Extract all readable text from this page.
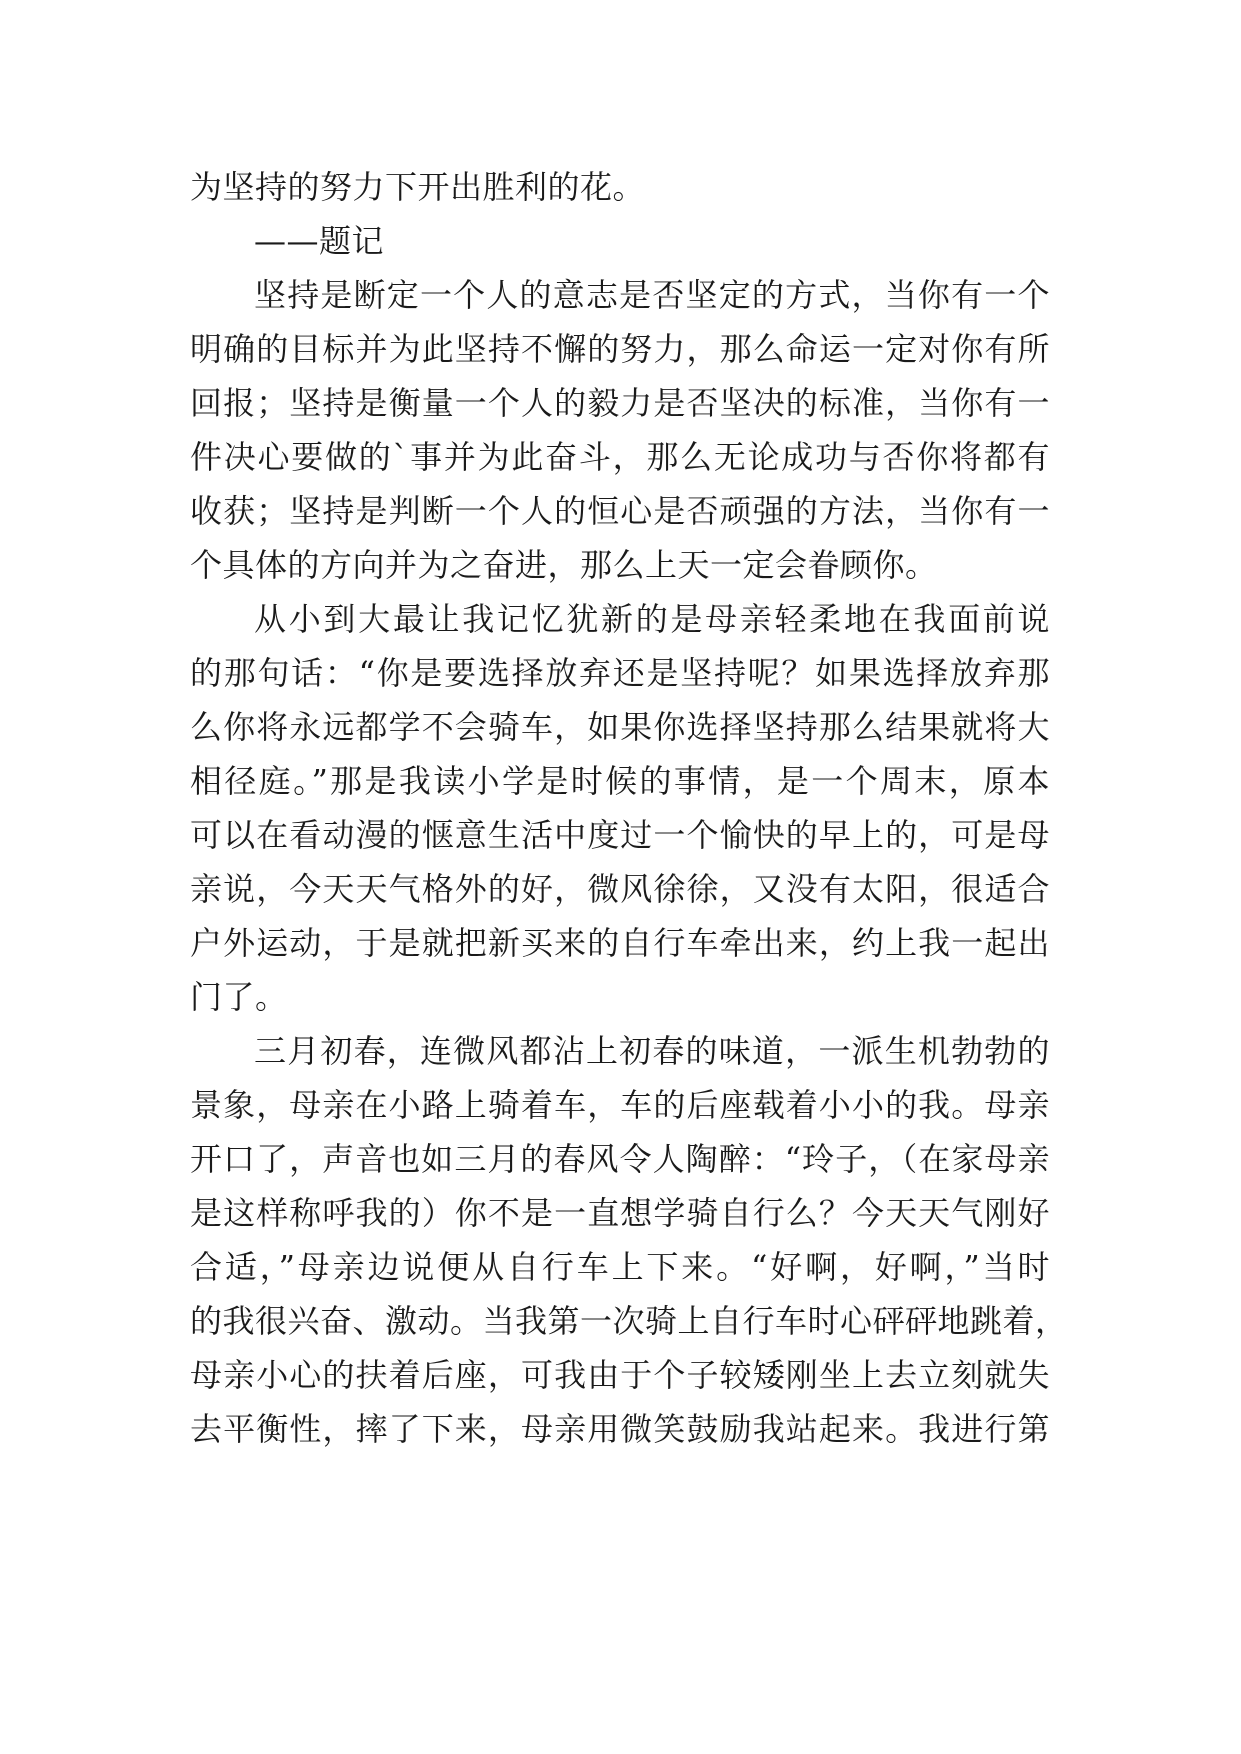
为坚持的努力下开出胜利的花。
——题记
坚持是断定一个人的意志是否坚定的方式，当你有一个
明确的目标并为此坚持不懈的努力，那么命运一定对你有所
回报；坚持是衡量一个人的毅力是否坚决的标准，当你有一
件决心要做的`事并为此奋斗，那么无论成功与否你将都有
收获；坚持是判断一个人的恒心是否顽强的方法，当你有一
个具体的方向并为之奋进，那么上天一定会眷顾你。
从小到大最让我记忆犹新的是母亲轻柔地在我面前说
的那句话：“你是要选择放弃还是坚持呢？如果选择放弃那
么你将永远都学不会骑车，如果你选择坚持那么结果就将大
相径庭。”那是我读小学是时候的事情，是一个周末，原本
可以在看动漫的惬意生活中度过一个愉快的早上的，可是母
亲说，今天天气格外的好，微风徐徐，又没有太阳，很适合
户外运动，于是就把新买来的自行车牵出来，约上我一起出
门了。
三月初春，连微风都沾上初春的味道，一派生机勃勃的
景象，母亲在小路上骑着车，车的后座载着小小的我。母亲
开口了，声音也如三月的春风令人陶醉：“玲子，（在家母亲
是这样称呼我的）你不是一直想学骑自行么？今天天气刚好
合适，”母亲边说便从自行车上下来。“好啊，好啊，”当时
的我很兴奋、激动。当我第一次骑上自行车时心砰砰地跳着，
母亲小心的扶着后座，可我由于个子较矮刚坐上去立刻就失
去平衡性，摔了下来，母亲用微笑鼓励我站起来。我进行第
